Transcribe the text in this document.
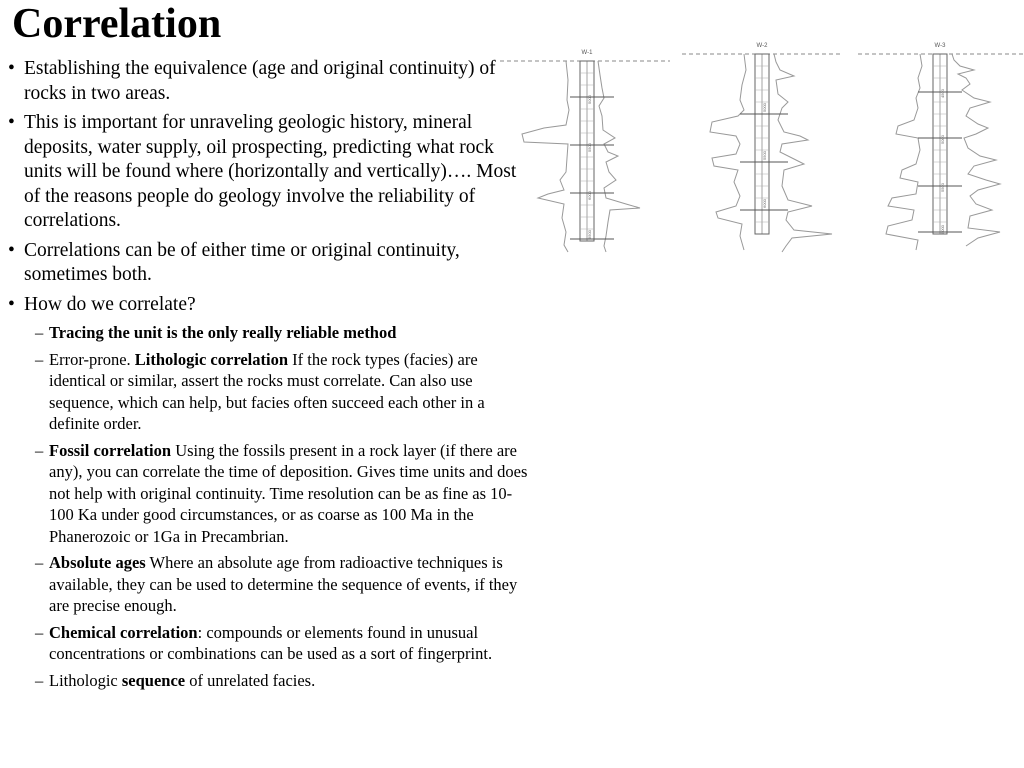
Correlation
• Establishing the equivalence (age and original continuity) of rocks in two areas.
• This is important for unraveling geologic history, mineral deposits, water supply, oil prospecting, predicting what rock units will be found where (horizontally and vertically)…. Most of the reasons people do geology involve the reliability of correlations.
• Correlations can be of either time or original continuity, sometimes both.
• How do we correlate?
– Tracing the unit is the only really reliable method
– Error-prone. Lithologic correlation If the rock types (facies) are identical or similar, assert the rocks must correlate. Can also use sequence, which can help, but facies often succeed each other in a definite order.
– Fossil correlation Using the fossils present in a rock layer (if there are any), you can correlate the time of deposition. Gives time units and does not help with original continuity. Time resolution can be as fine as 10-100 Ka under good circumstances, or as coarse as 100 Ma in the Phanerozoic or 1Ga in Precambrian.
– Absolute ages Where an absolute age from radioactive techniques is available, they can be used to determine the sequence of events, if they are precise enough.
– Chemical correlation: compounds or elements found in unusual concentrations or combinations can be used as a sort of fingerprint.
– Lithologic sequence of unrelated facies.
W-1
5000
5500
6000
6500
W-2
5000
5500
6000
W-3
4500
5000
5500
6000
